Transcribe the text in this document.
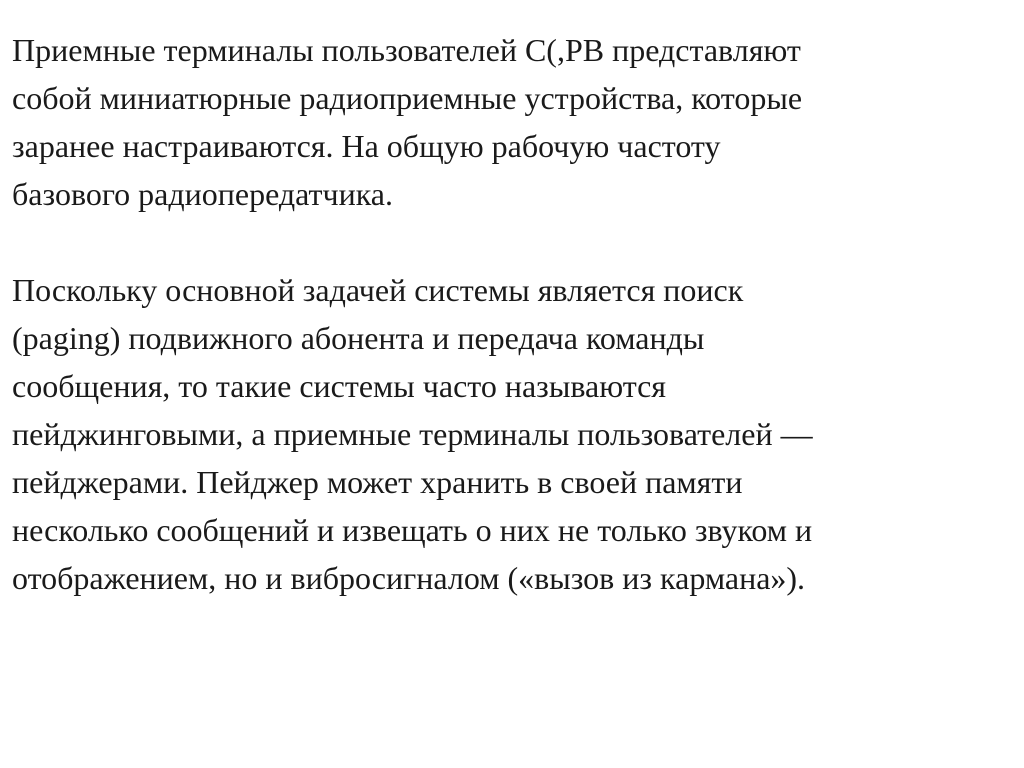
Приемные терминалы пользователей С(,РВ представляют
собой миниатюрные радиоприемные устройства, которые
заранее настраиваются. На общую рабочую частоту
базового радиопередатчика.

Поскольку основной задачей системы является поиск
(paging) подвижного абонента и передача команды
сообщения, то такие системы часто называются
пейджинговыми, а приемные терминалы пользователей —
пейджерами. Пейджер может хранить в своей памяти
несколько сообщений и извещать о них не только звуком и
отображением, но и вибросигналом («вызов из кармана»).
